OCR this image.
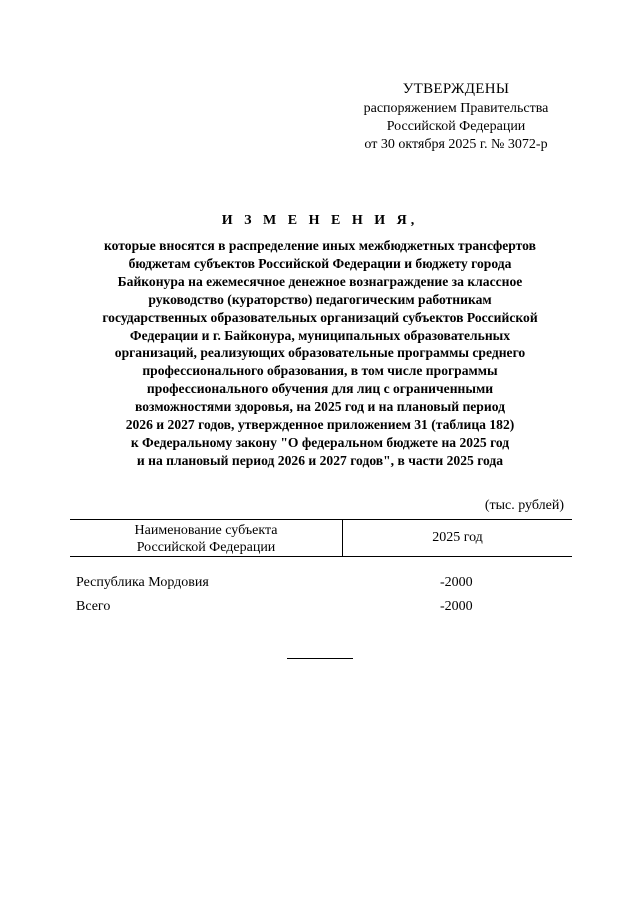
УТВЕРЖДЕНЫ
распоряжением Правительства
Российской Федерации
от 30 октября 2025 г. № 3072-р
И З М Е Н Е Н И Я,
которые вносятся в распределение иных межбюджетных трансфертов
бюджетам субъектов Российской Федерации и бюджету города
Байконура на ежемесячное денежное вознаграждение за классное
руководство (кураторство) педагогическим работникам
государственных образовательных организаций субъектов Российской
Федерации и г. Байконура, муниципальных образовательных
организаций, реализующих образовательные программы среднего
профессионального образования, в том числе программы
профессионального обучения для лиц с ограниченными
возможностями здоровья, на 2025 год и на плановый период
2026 и 2027 годов, утвержденное приложением 31 (таблица 182)
к Федеральному закону "О федеральном бюджете на 2025 год
и на плановый период 2026 и 2027 годов", в части 2025 года
(тыс. рублей)
Наименование субъекта
Российской Федерации
2025 год
Республика Мордовия	-2000
Всего	-2000
